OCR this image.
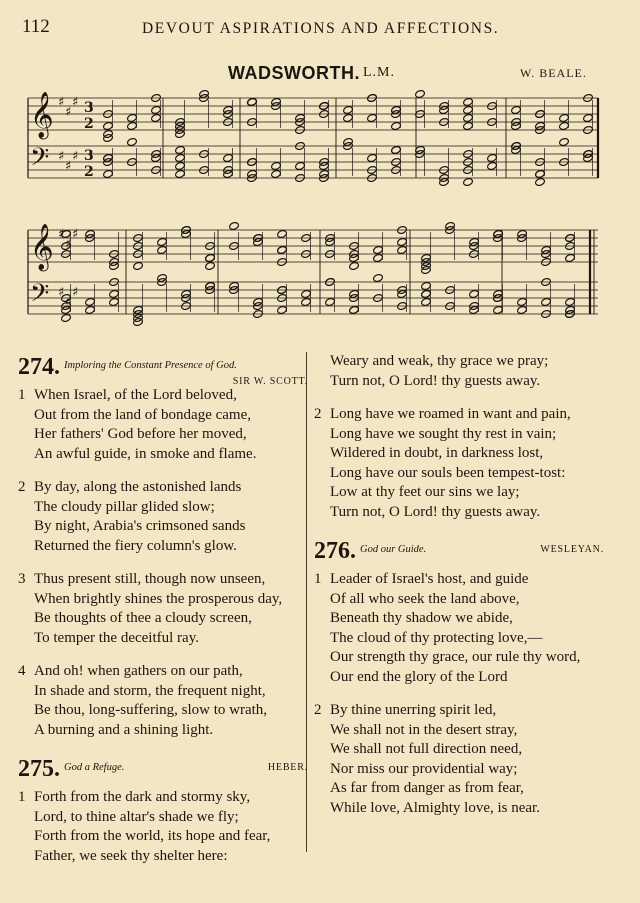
112	DEVOUT ASPIRATIONS AND AFFECTIONS.
WADSWORTH. L.M.	W. BEALE.
𝄞 ♯
♯
♯ 3
2
𝄢 ♯
♯
♯ 3
2
𝄞 ♯
♯
♯
𝄢 ♯
♯
♯
274. Imploring the Constant Presence of God.
SIR W. SCOTT.
1 When Israel, of the Lord beloved,
Out from the land of bondage came,
Her fathers' God before her moved,
An awful guide, in smoke and flame.
2 By day, along the astonished lands
The cloudy pillar glided slow;
By night, Arabia's crimsoned sands
Returned the fiery column's glow.
3 Thus present still, though now unseen,
When brightly shines the prosperous day,
Be thoughts of thee a cloudy screen,
To temper the deceitful ray.
4 And oh! when gathers on our path,
In shade and storm, the frequent night,
Be thou, long-suffering, slow to wrath,
A burning and a shining light.
275. God a Refuge.	HEBER.
1 Forth from the dark and stormy sky,
Lord, to thine altar's shade we fly;
Forth from the world, its hope and fear,
Father, we seek thy shelter here:
Weary and weak, thy grace we pray;
Turn not, O Lord! thy guests away.
2 Long have we roamed in want and pain,
Long have we sought thy rest in vain;
Wildered in doubt, in darkness lost,
Long have our souls been tempest-tost:
Low at thy feet our sins we lay;
Turn not, O Lord! thy guests away.
276. God our Guide.	WESLEYAN.
1 Leader of Israel's host, and guide
Of all who seek the land above,
Beneath thy shadow we abide,
The cloud of thy protecting love,—
Our strength thy grace, our rule thy word,
Our end the glory of the Lord
2 By thine unerring spirit led,
We shall not in the desert stray,
We shall not full direction need,
Nor miss our providential way;
As far from danger as from fear,
While love, Almighty love, is near.
